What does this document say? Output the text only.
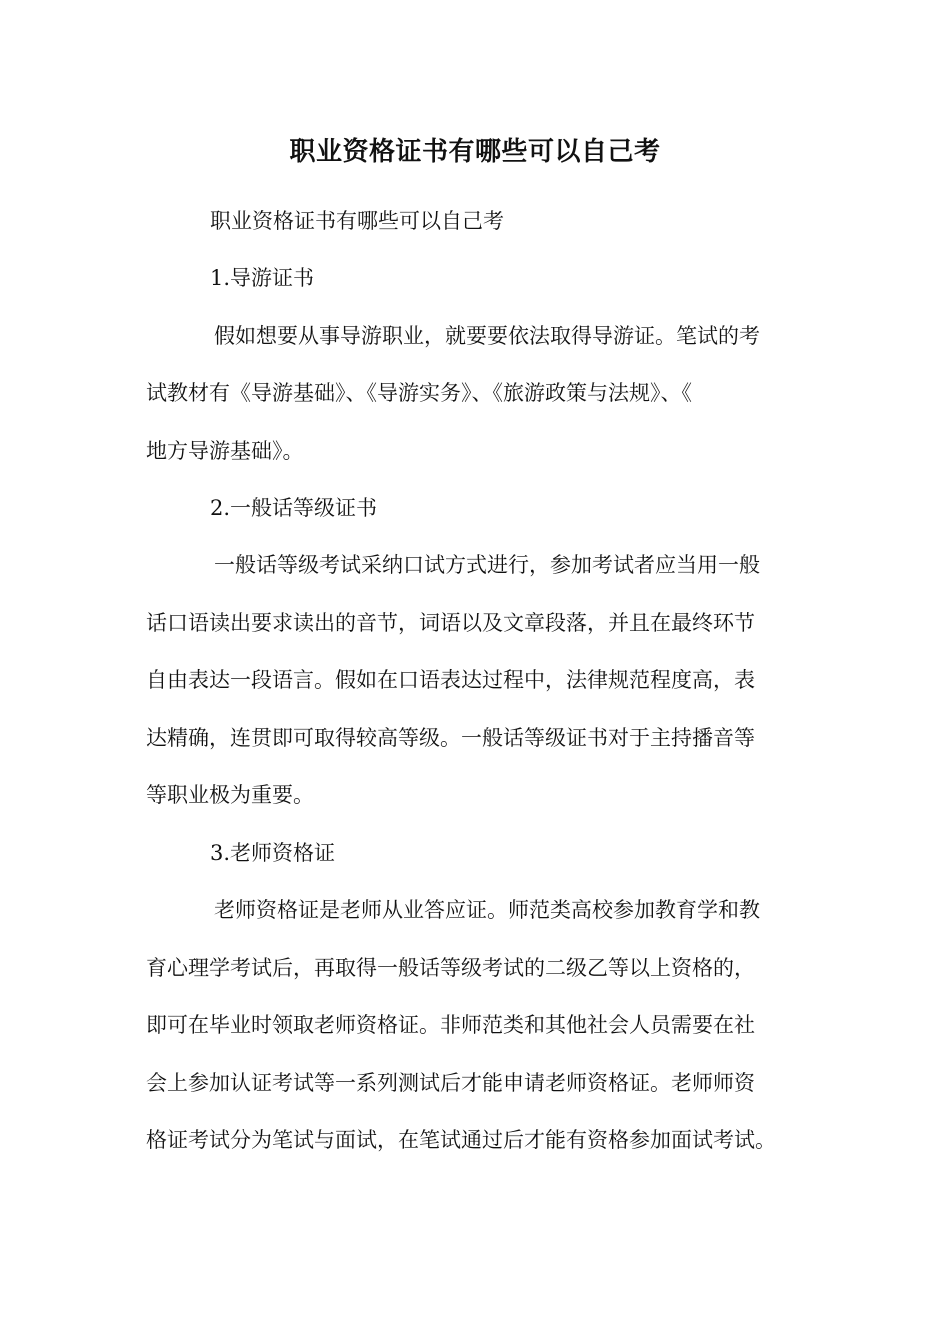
职业资格证书有哪些可以自己考
职业资格证书有哪些可以自己考
1.导游证书
假如想要从事导游职业，就要要依法取得导游证。笔试的考
试教材有《导游基础》、《导游实务》、《旅游政策与法规》、《
地方导游基础》。
2.一般话等级证书
一般话等级考试采纳口试方式进行，参加考试者应当用一般
话口语读出要求读出的音节，词语以及文章段落，并且在最终环节
自由表达一段语言。假如在口语表达过程中，法律规范程度高，表
达精确，连贯即可取得较高等级。一般话等级证书对于主持播音等
等职业极为重要。
3.老师资格证
老师资格证是老师从业答应证。师范类高校参加教育学和教
育心理学考试后，再取得一般话等级考试的二级乙等以上资格的，
即可在毕业时领取老师资格证。非师范类和其他社会人员需要在社
会上参加认证考试等一系列测试后才能申请老师资格证。老师师资
格证考试分为笔试与面试，在笔试通过后才能有资格参加面试考试。
